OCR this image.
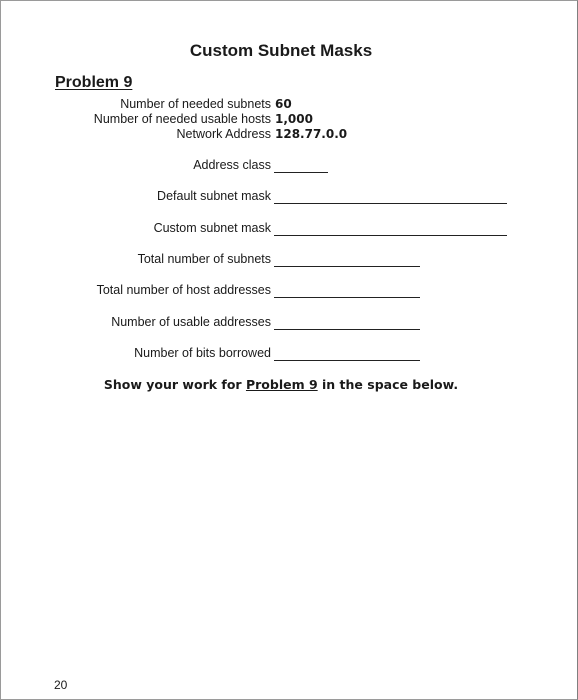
Custom Subnet Masks
Problem 9
Number of needed subnets 60
Number of needed usable hosts 1,000
Network Address 128.77.0.0
Address class
Default subnet mask
Custom subnet mask
Total number of subnets
Total number of host addresses
Number of usable addresses
Number of bits borrowed
Show your work for Problem 9 in the space below.
20
